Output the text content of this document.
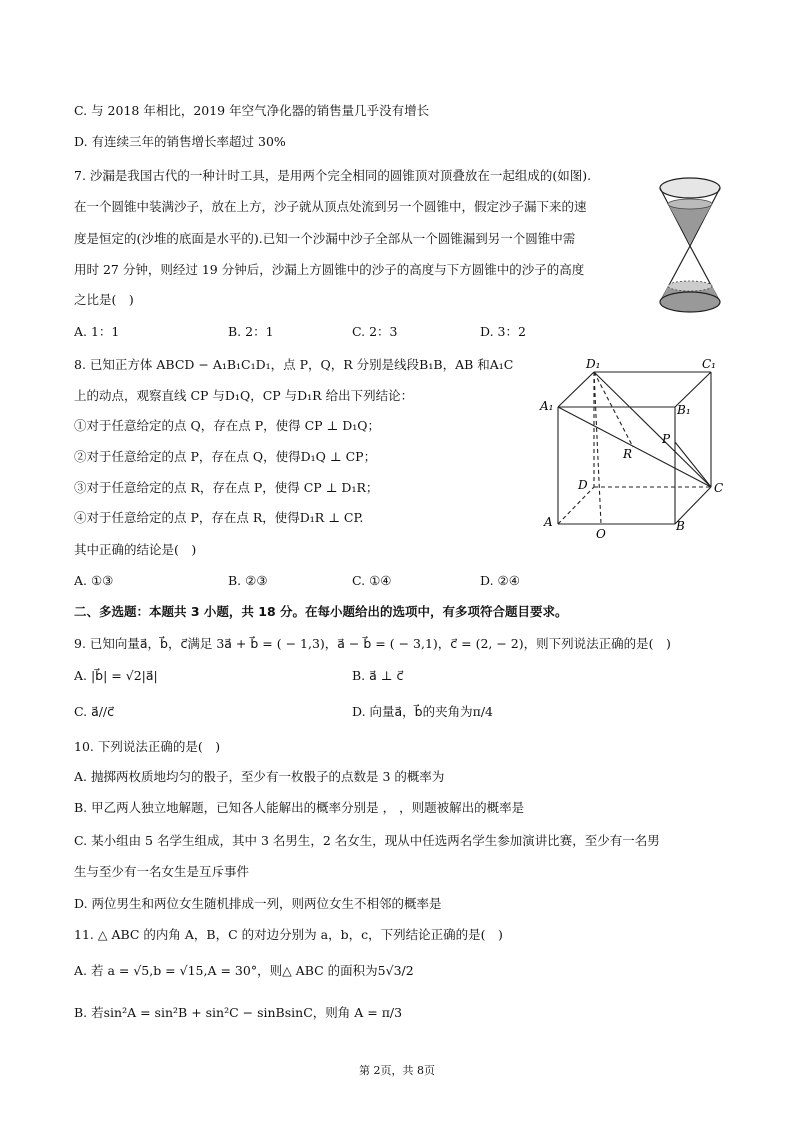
C. 与 2018 年相比，2019 年空气净化器的销售量几乎没有增长
D. 有连续三年的销售增长率超过 30%
7. 沙漏是我国古代的一种计时工具，是用两个完全相同的圆锥顶对顶叠放在一起组成的(如图).
在一个圆锥中装满沙子，放在上方，沙子就从顶点处流到另一个圆锥中，假定沙子漏下来的速
度是恒定的(沙堆的底面是水平的).已知一个沙漏中沙子全部从一个圆锥漏到另一个圆锥中需
用时 27 分钟，则经过 19 分钟后，沙漏上方圆锥中的沙子的高度与下方圆锥中的沙子的高度
之比是(　)
A. 1：1	B. 2：1	C. 2：3	D. 3：2
8. 已知正方体 ABCD − A₁B₁C₁D₁，点 P，Q，R 分别是线段B₁B，AB 和A₁C
上的动点，观察直线 CP 与D₁Q，CP 与D₁R 给出下列结论：
①对于任意给定的点 Q，存在点 P，使得 CP ⊥ D₁Q；
②对于任意给定的点 P，存在点 Q，使得D₁Q ⊥ CP；
③对于任意给定的点 R，存在点 P，使得 CP ⊥ D₁R；
④对于任意给定的点 P，存在点 R，使得D₁R ⊥ CP.
其中正确的结论是(　)
A. ①③	B. ②③	C. ①④	D. ②④
D₁	C₁
A₁	B₁
P
R
D	C
A	B
O
二、多选题：本题共 3 小题，共 18 分。在每小题给出的选项中，有多项符合题目要求。
9. 已知向量a⃗，b⃗，c⃗满足 3a⃗ + b⃗ = ( − 1,3)，a⃗ − b⃗ = ( − 3,1)，c⃗ = (2, − 2)，则下列说法正确的是(　)
A. |b⃗| = √2|a⃗|	B. a⃗ ⊥ c⃗
C. a⃗//c⃗	D. 向量a⃗，b⃗的夹角为π/4
10. 下列说法正确的是(　)
A. 抛掷两枚质地均匀的骰子，至少有一枚骰子的点数是 3 的概率为
B. 甲乙两人独立地解题，已知各人能解出的概率分别是 ， ，则题被解出的概率是
C. 某小组由 5 名学生组成，其中 3 名男生，2 名女生，现从中任选两名学生参加演讲比赛，至少有一名男
生与至少有一名女生是互斥事件
D. 两位男生和两位女生随机排成一列，则两位女生不相邻的概率是
11. △ ABC 的内角 A，B，C 的对边分别为 a，b，c，下列结论正确的是(　)
A. 若 a = √5,b = √15,A = 30°，则△ ABC 的面积为5√3/2
B. 若sin²A = sin²B + sin²C − sinBsinC，则角 A = π/3
第 2页，共 8页
